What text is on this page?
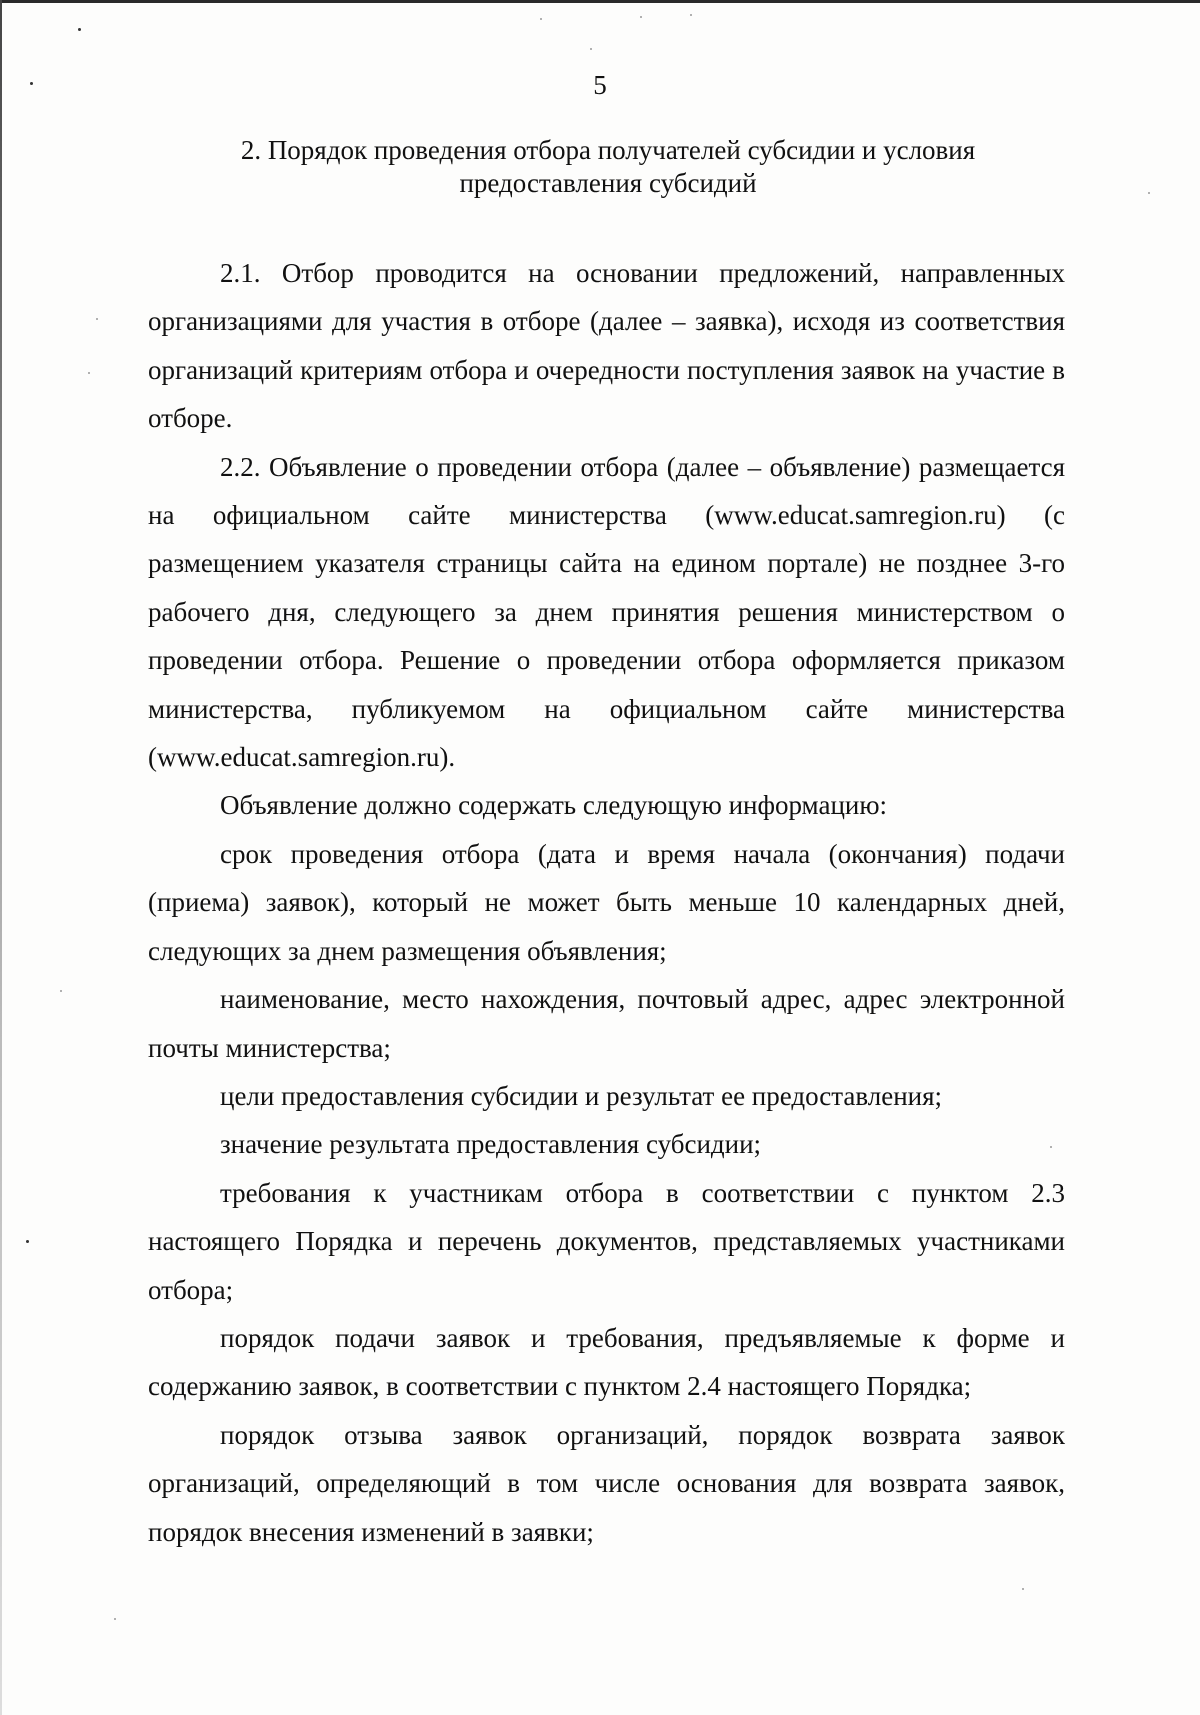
5
2. Порядок проведения отбора получателей субсидии и условия
предоставления субсидий

2.1. Отбор проводится на основании предложений, направленных организациями для участия в отборе (далее – заявка), исходя из соответствия организаций критериям отбора и очередности поступления заявок на участие в отборе.

2.2. Объявление о проведении отбора (далее – объявление) размещается на официальном сайте министерства (www.educat.samregion.ru) (с размещением указателя страницы сайта на едином портале) не позднее 3-го рабочего дня, следующего за днем принятия решения министерством о проведении отбора. Решение о проведении отбора оформляется приказом министерства, публикуемом на официальном сайте министерства (www.educat.samregion.ru).

Объявление должно содержать следующую информацию:

срок проведения отбора (дата и время начала (окончания) подачи (приема) заявок), который не может быть меньше 10 календарных дней, следующих за днем размещения объявления;

наименование, место нахождения, почтовый адрес, адрес электронной почты министерства;

цели предоставления субсидии и результат ее предоставления;

значение результата предоставления субсидии;

требования к участникам отбора в соответствии с пунктом 2.3 настоящего Порядка и перечень документов, представляемых участниками отбора;

порядок подачи заявок и требования, предъявляемые к форме и содержанию заявок, в соответствии с пунктом 2.4 настоящего Порядка;

порядок отзыва заявок организаций, порядок возврата заявок организаций, определяющий в том числе основания для возврата заявок, порядок внесения изменений в заявки;
